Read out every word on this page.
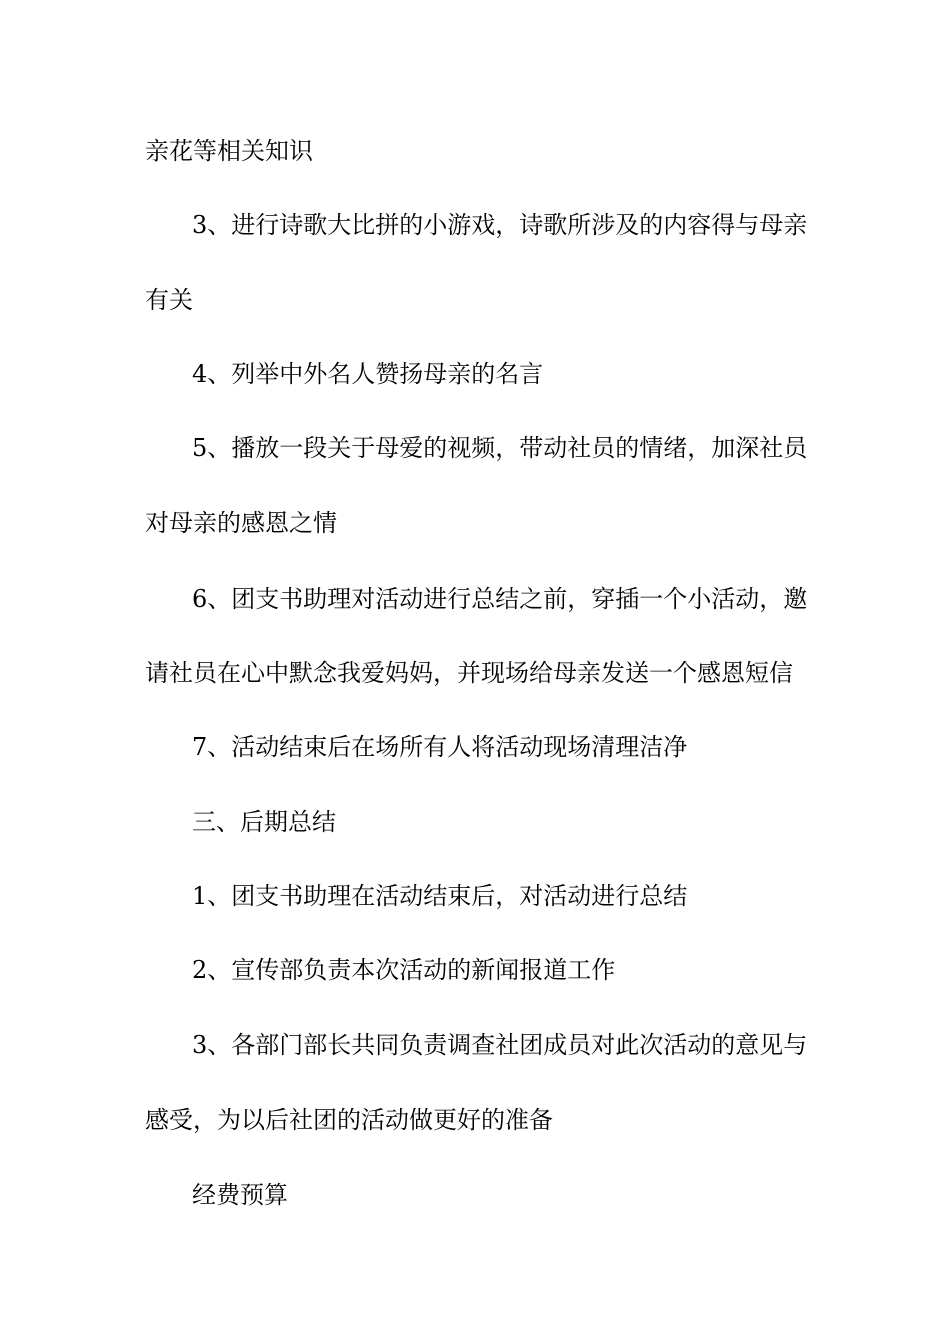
亲花等相关知识
3、进行诗歌大比拼的小游戏，诗歌所涉及的内容得与母亲
有关
4、列举中外名人赞扬母亲的名言
5、播放一段关于母爱的视频，带动社员的情绪，加深社员
对母亲的感恩之情
6、团支书助理对活动进行总结之前，穿插一个小活动，邀
请社员在心中默念我爱妈妈，并现场给母亲发送一个感恩短信
7、活动结束后在场所有人将活动现场清理洁净
三、后期总结
1、团支书助理在活动结束后，对活动进行总结
2、宣传部负责本次活动的新闻报道工作
3、各部门部长共同负责调查社团成员对此次活动的意见与
感受，为以后社团的活动做更好的准备
经费预算
